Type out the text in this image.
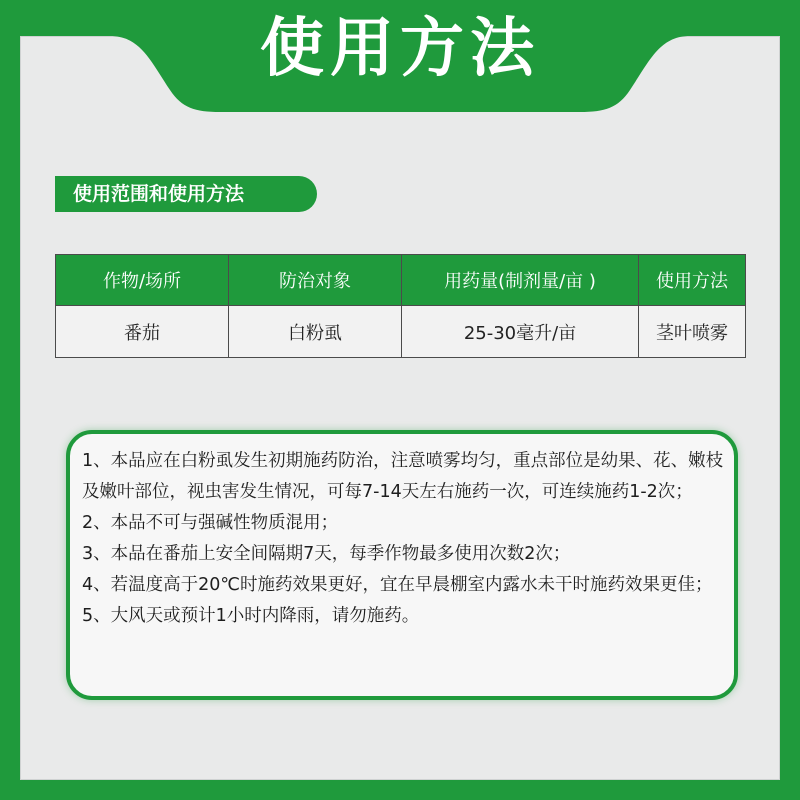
使用方法
使用范围和使用方法
作物/场所	防治对象	用药量(制剂量/亩 )	使用方法
番茄	白粉虱	25-30毫升/亩	茎叶喷雾

1、本品应在白粉虱发生初期施药防治，注意喷雾均匀，重点部位是幼果、花、嫩枝及嫩叶部位，视虫害发生情况，可每7-14天左右施药一次，可连续施药1-2次；

2、本品不可与强碱性物质混用；

3、本品在番茄上安全间隔期7天，每季作物最多使用次数2次；

4、若温度高于20℃时施药效果更好，宜在早晨棚室内露水未干时施药效果更佳；

5、大风天或预计1小时内降雨，请勿施药。
